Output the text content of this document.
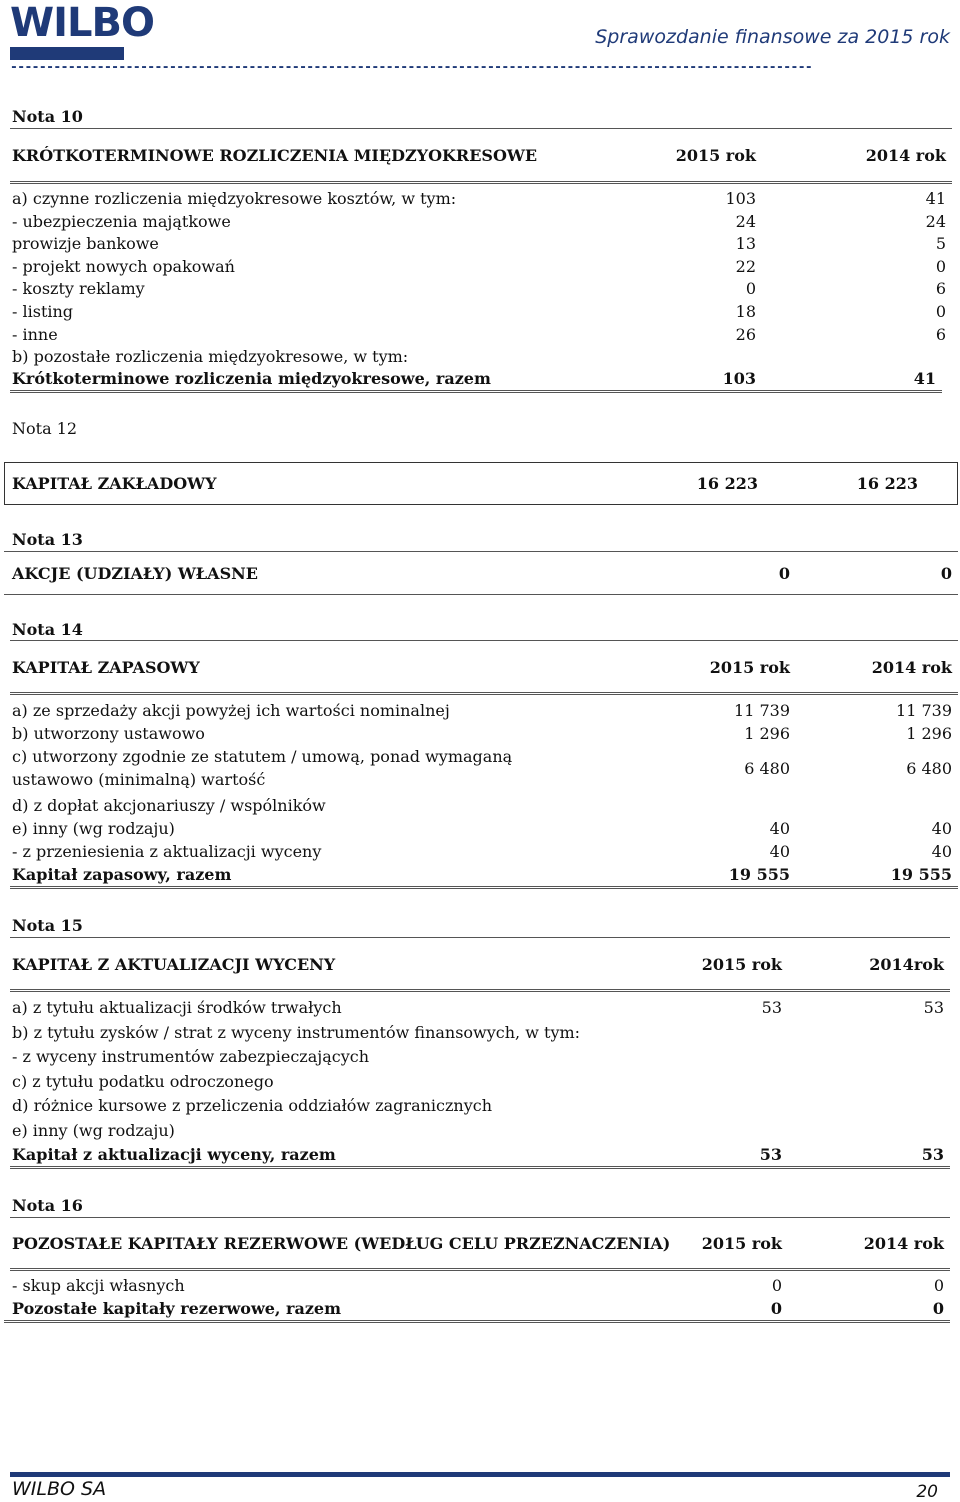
WILBO	Sprawozdanie finansowe za 2015 rok
---------------------------------------------------------------------------------------------------------------
Nota 10
KRÓTKOTERMINOWE ROZLICZENIA MIĘDZYOKRESOWE	2015 rok	2014 rok
a) czynne rozliczenia międzyokresowe kosztów, w tym:	103	41
- ubezpieczenia majątkowe	24	24
prowizje bankowe	13	5
- projekt nowych opakowań	22	0
- koszty reklamy	0	6
- listing	18	0
- inne	26	6
b) pozostałe rozliczenia międzyokresowe, w tym:
Krótkoterminowe rozliczenia międzyokresowe, razem	103	41
Nota 12
KAPITAŁ ZAKŁADOWY	16 223	16 223
Nota 13
AKCJE (UDZIAŁY) WŁASNE	0	0
Nota 14
KAPITAŁ ZAPASOWY	2015 rok	2014 rok
a) ze sprzedaży akcji powyżej ich wartości nominalnej	11 739	11 739
b) utworzony ustawowo	1 296	1 296
c) utworzony zgodnie ze statutem / umową, ponad wymaganą
ustawowo (minimalną) wartość
6 480	6 480
d) z dopłat akcjonariuszy / wspólników
e) inny (wg rodzaju)	40	40
- z przeniesienia z aktualizacji wyceny	40	40
Kapitał zapasowy, razem	19 555	19 555
Nota 15
KAPITAŁ Z AKTUALIZACJI WYCENY	2015 rok	2014rok
a) z tytułu aktualizacji środków trwałych	53	53
b) z tytułu zysków / strat z wyceny instrumentów finansowych, w tym:
- z wyceny instrumentów zabezpieczających
c) z tytułu podatku odroczonego
d) różnice kursowe z przeliczenia oddziałów zagranicznych
e) inny (wg rodzaju)
Kapitał z aktualizacji wyceny, razem	53	53
Nota 16
POZOSTAŁE KAPITAŁY REZERWOWE (WEDŁUG CELU PRZEZNACZENIA)	2015 rok	2014 rok
- skup akcji własnych	0	0
Pozostałe kapitały rezerwowe, razem	0	0
WILBO SA	20
